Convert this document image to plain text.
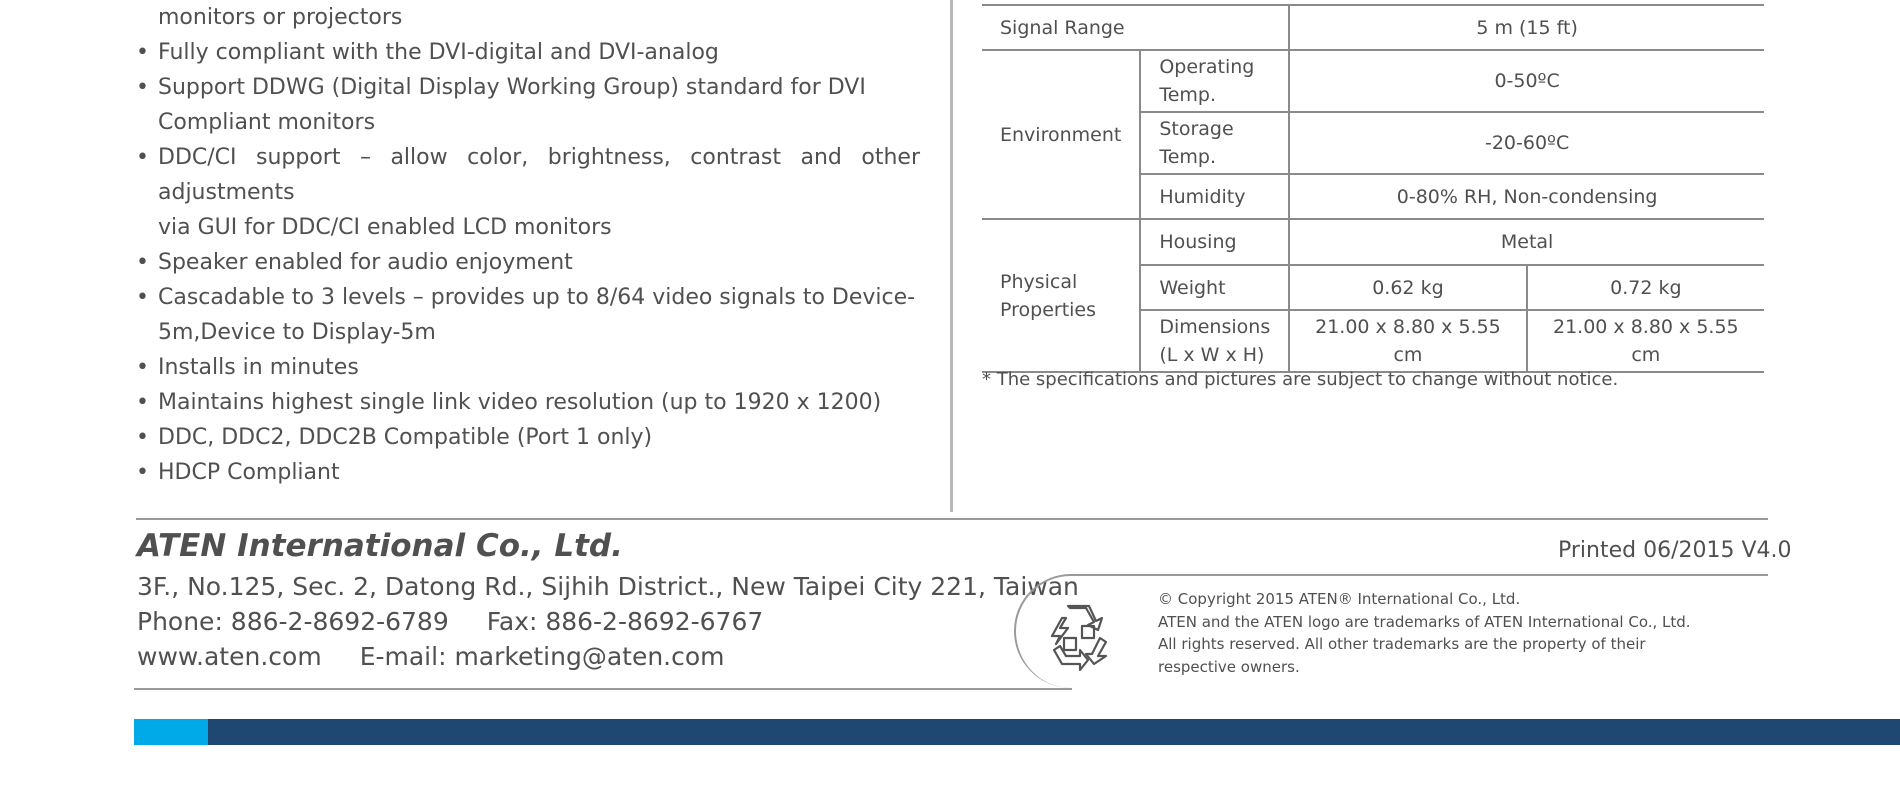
monitors or projectors
• Fully compliant with the DVI-digital and DVI-analog
• Support DDWG (Digital Display Working Group) standard for DVI
Compliant monitors
• DDC/CI support – allow color, brightness, contrast and other adjustments
via GUI for DDC/CI enabled LCD monitors
• Speaker enabled for audio enjoyment
• Cascadable to 3 levels – provides up to 8/64 video signals to Device-
5m,Device to Display-5m
• Installs in minutes
• Maintains highest single link video resolution (up to 1920 x 1200)
• DDC, DDC2, DDC2B Compatible (Port 1 only)
• HDCP Compliant
Signal Range		5 m (15 ft)	
Environment	Operating Temp.	0-50ºC	
	Storage Temp.	-20-60ºC	
	Humidity	0-80% RH, Non-condensing	
Physical Properties	Housing	Metal	
	Weight	0.62 kg	0.72 kg
	Dimensions (L x W x H)	21.00 x 8.80 x 5.55 cm	21.00 x 8.80 x 5.55 cm
* The specifications and pictures are subject to change without notice.
ATEN International Co., Ltd.
3F., No.125, Sec. 2, Datong Rd., Sijhih District., New Taipei City 221, Taiwan
Phone: 886-2-8692-6789 Fax: 886-2-8692-6767
www.aten.com E-mail: marketing@aten.com
Printed 06/2015 V4.0
© Copyright 2015 ATEN® International Co., Ltd.
ATEN and the ATEN logo are trademarks of ATEN International Co., Ltd.
All rights reserved. All other trademarks are the property of their
respective owners.
